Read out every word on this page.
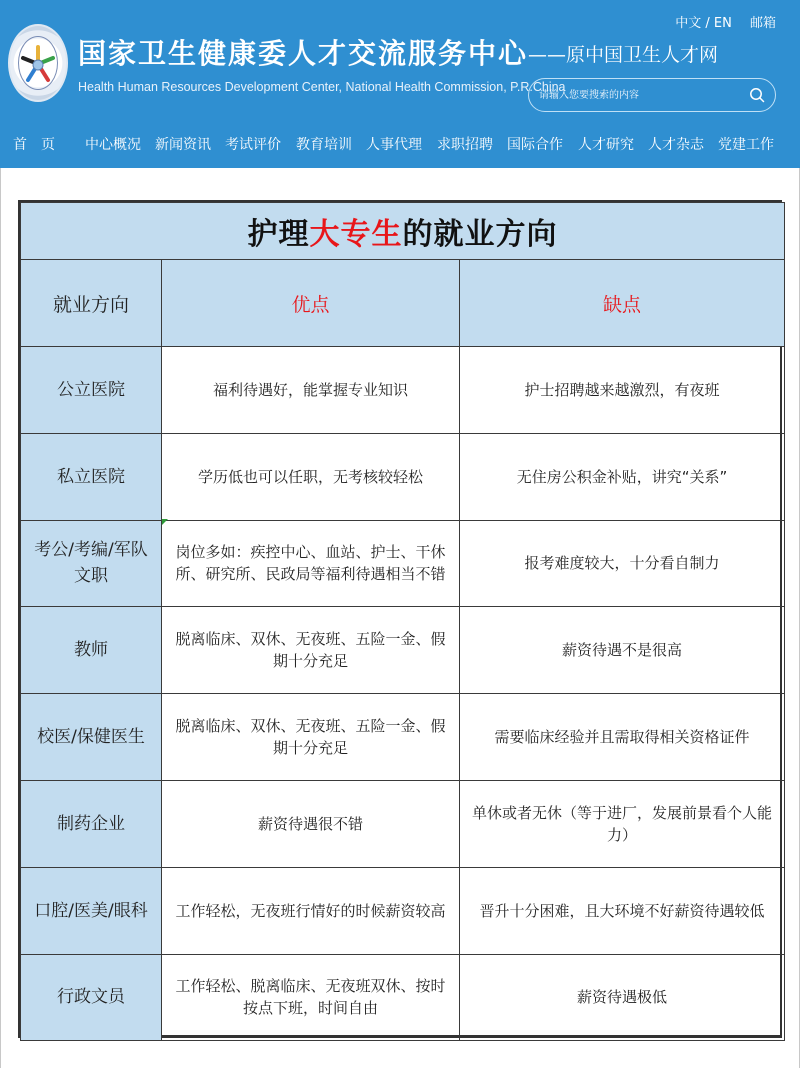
国家卫生健康委人才交流服务中心
Health Human Resources Development Center, National Health Commission, P.R.China
——原中国卫生人才网
中文 / EN 邮箱
请输入您要搜索的内容
首　页 中心概况 新闻资讯 考试评价 教育培训 人事代理 求职招聘 国际合作 人才研究 人才杂志 党建工作
护理大专生的就业方向		
就业方向	优点	缺点
公立医院	福利待遇好，能掌握专业知识	护士招聘越来越激烈，有夜班
私立医院	学历低也可以任职，无考核较轻松	无住房公积金补贴，讲究“关系”
考公/考编/军队文职	岗位多如：疾控中心、血站、护士、干休所、研究所、民政局等福利待遇相当不错	报考难度较大，十分看自制力
教师	脱离临床、双休、无夜班、五险一金、假期十分充足	薪资待遇不是很高
校医/保健医生	脱离临床、双休、无夜班、五险一金、假期十分充足	需要临床经验并且需取得相关资格证件
制药企业	薪资待遇很不错	单休或者无休（等于进厂，发展前景看个人能力）
口腔/医美/眼科	工作轻松，无夜班行情好的时候薪资较高	晋升十分困难，且大环境不好薪资待遇较低
行政文员	工作轻松、脱离临床、无夜班双休、按时按点下班，时间自由	薪资待遇极低
